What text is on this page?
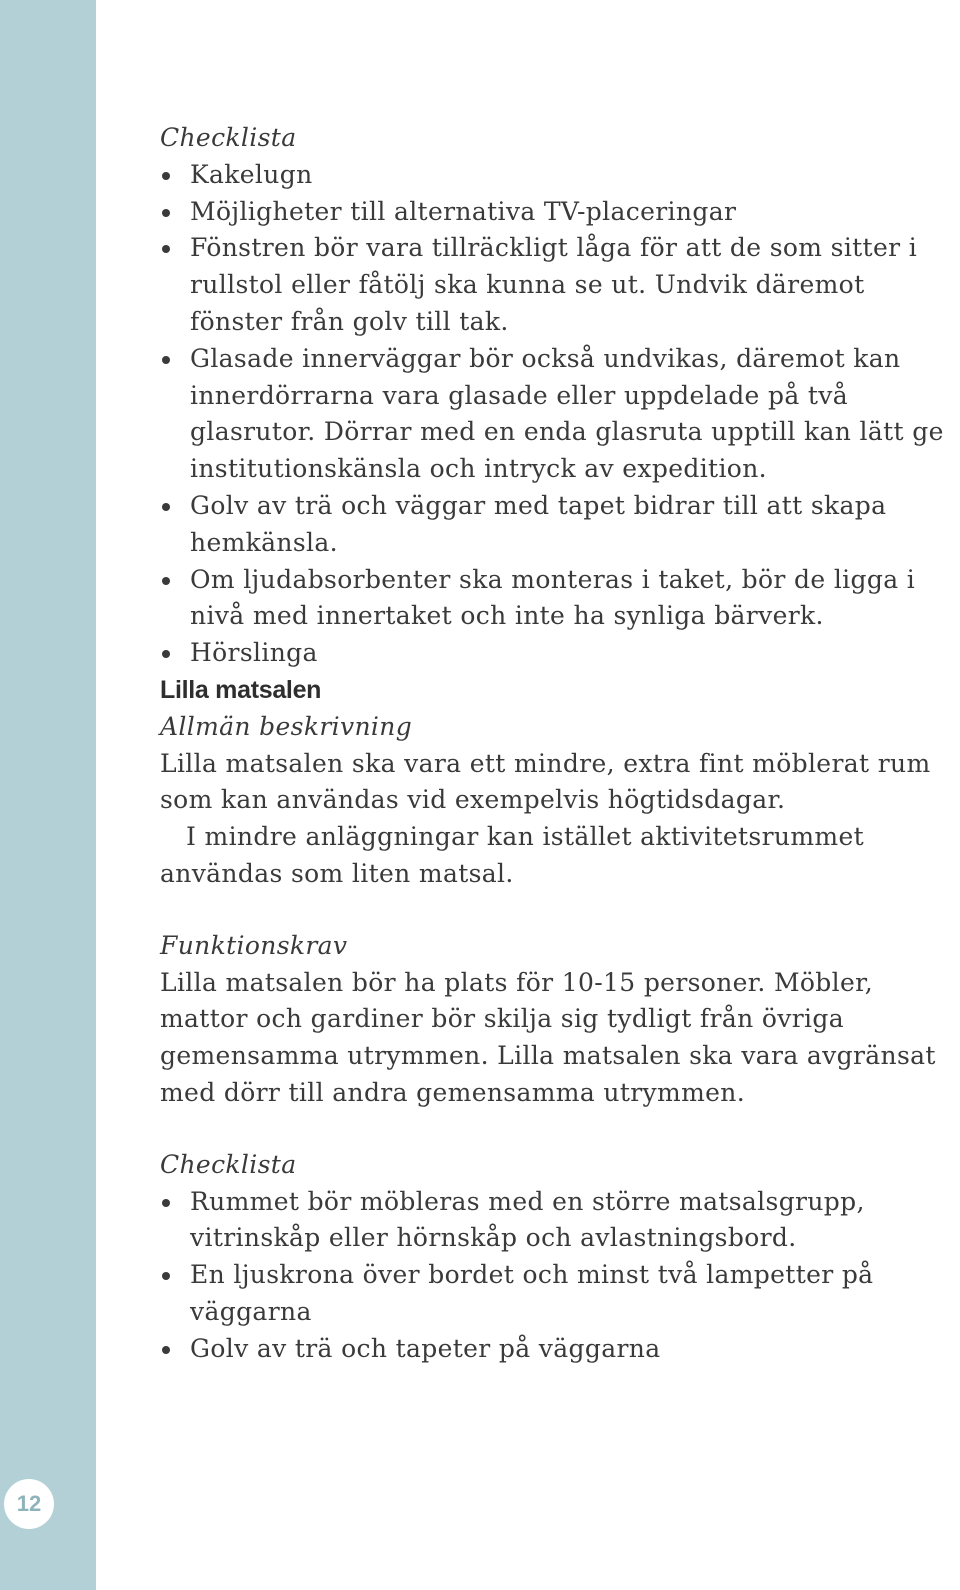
12

Checklista

Kakelugn
Möjligheter till alternativa TV-placeringar
Fönstren bör vara tillräckligt låga för att de som sitter i rullstol eller fåtölj ska kunna se ut. Undvik däremot fönster från golv till tak.
Glasade innerväggar bör också undvikas, däremot kan innerdörrarna vara glasade eller uppdelade på två glasrutor. Dörrar med en enda glasruta upptill kan lätt ge institutionskänsla och intryck av expedition.
Golv av trä och väggar med tapet bidrar till att skapa hemkänsla.
Om ljudabsorbenter ska monteras i taket, bör de ligga i nivå med innertaket och inte ha synliga bärverk.
Hörslinga

Lilla matsalen

Allmän beskrivning

Lilla matsalen ska vara ett mindre, extra fint möblerat rum som kan användas vid exempelvis högtidsdagar.

I mindre anläggningar kan istället aktivitetsrummet användas som liten matsal.

Funktionskrav

Lilla matsalen bör ha plats för 10-15 personer. Möbler, mattor och gardiner bör skilja sig tydligt från övriga gemensamma utrymmen. Lilla matsalen ska vara avgränsat med dörr till andra gemensamma utrymmen.

Checklista

Rummet bör möbleras med en större matsalsgrupp, vitrinskåp eller hörnskåp och avlastningsbord.
En ljuskrona över bordet och minst två lampetter på väggarna
Golv av trä och tapeter på väggarna
